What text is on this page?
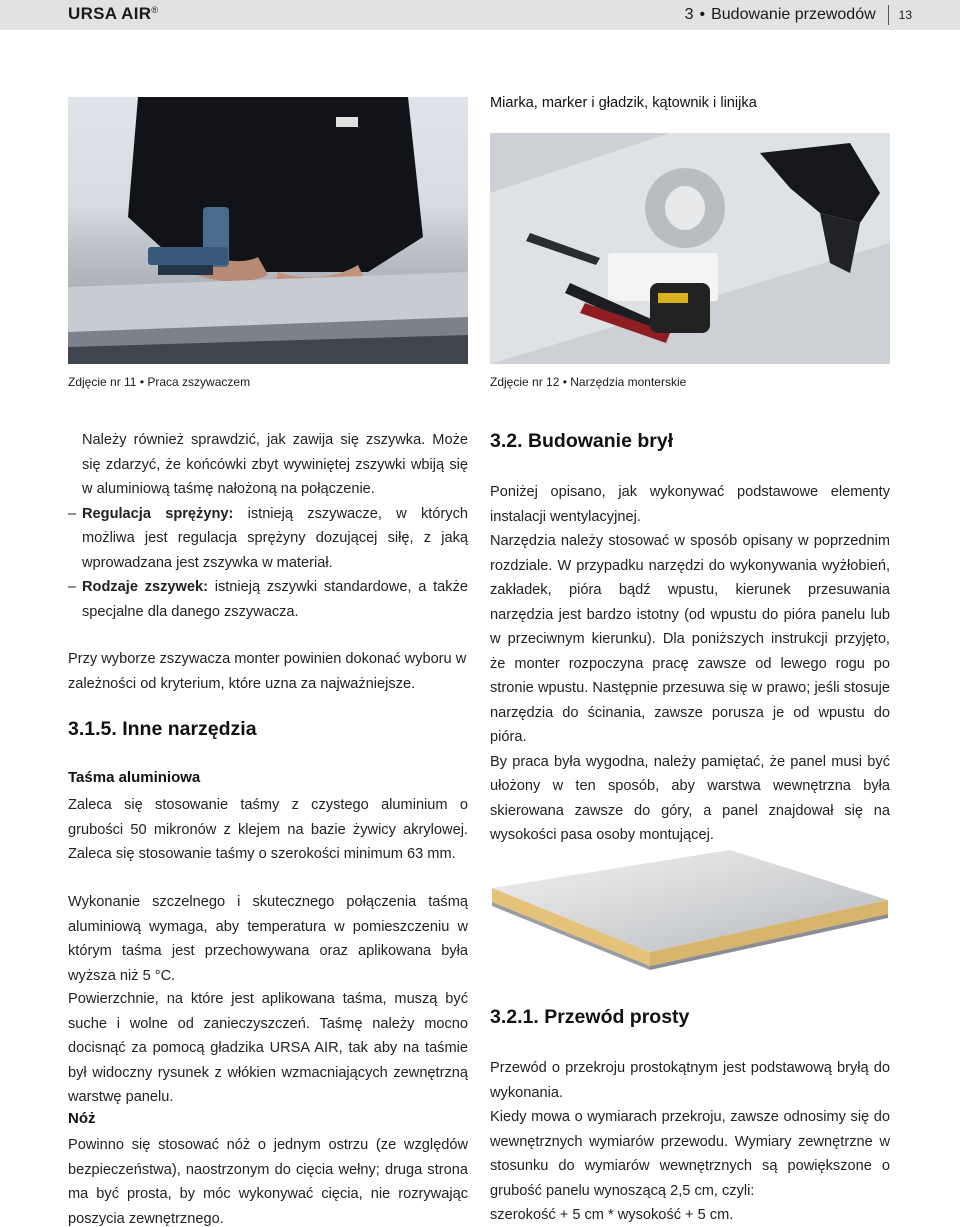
URSA AIR®	3 • Budowanie przewodów 13
Miarka, marker i gładzik, kątownik i linijka
Zdjęcie nr 11 • Praca zszywaczem	Zdjęcie nr 12 • Narzędzia monterskie

Należy również sprawdzić, jak zawija się zszywka. Może się zdarzyć, że końcówki zbyt wywiniętej zszywki wbiją się w aluminiową taśmę nałożoną na połączenie.

– Regulacja sprężyny: istnieją zszywacze, w których możliwa jest regulacja sprężyny dozującej siłę, z jaką wprowadzana jest zszywka w materiał.

– Rodzaje zszywek: istnieją zszywki standardowe, a także specjalne dla danego zszywacza.

Przy wyborze zszywacza monter powinien dokonać wyboru w zależności od kryterium, które uzna za najważniejsze.
3.1.5. Inne narzędzia
Taśma aluminiowa

Zaleca się stosowanie taśmy z czystego aluminium o grubości 50 mikronów z klejem na bazie żywicy akrylowej. Zaleca się stosowanie taśmy o szerokości minimum 63 mm.

Wykonanie szczelnego i skutecznego połączenia taśmą aluminiową wymaga, aby temperatura w pomieszczeniu w którym taśma jest przechowywana oraz aplikowana była wyższa niż 5 °C.

Powierzchnie, na które jest aplikowana taśma, muszą być suche i wolne od zanieczyszczeń. Taśmę należy mocno docisnąć za pomocą gładzika URSA AIR, tak aby na taśmie był widoczny rysunek z włókien wzmacniających zewnętrzną warstwę panelu.

Nóż

Powinno się stosować nóż o jednym ostrzu (ze względów bezpieczeństwa), naostrzonym do cięcia wełny; druga strona ma być prosta, by móc wykonywać cięcia, nie rozrywając poszycia zewnętrznego.

3.2. Budowanie brył

Poniżej opisano, jak wykonywać podstawowe elementy instalacji wentylacyjnej.

Narzędzia należy stosować w sposób opisany w poprzednim rozdziale. W przypadku narzędzi do wykonywania wyżłobień, zakładek, pióra bądź wpustu, kierunek przesuwania narzędzia jest bardzo istotny (od wpustu do pióra panelu lub w przeciwnym kierunku). Dla poniższych instrukcji przyjęto, że monter rozpoczyna pracę zawsze od lewego rogu po stronie wpustu. Następnie przesuwa się w prawo; jeśli stosuje narzędzia do ścinania, zawsze porusza je od wpustu do pióra.

By praca była wygodna, należy pamiętać, że panel musi być ułożony w ten sposób, aby warstwa wewnętrzna była skierowana zawsze do góry, a panel znajdował się na wysokości pasa osoby montującej.

3.2.1. Przewód prosty

Przewód o przekroju prostokątnym jest podstawową bryłą do wykonania.

Kiedy mowa o wymiarach przekroju, zawsze odnosimy się do wewnętrznych wymiarów przewodu. Wymiary zewnętrzne w stosunku do wymiarów wewnętrznych są powiększone o grubość panelu wynoszącą 2,5 cm, czyli:

szerokość + 5 cm * wysokość + 5 cm.
